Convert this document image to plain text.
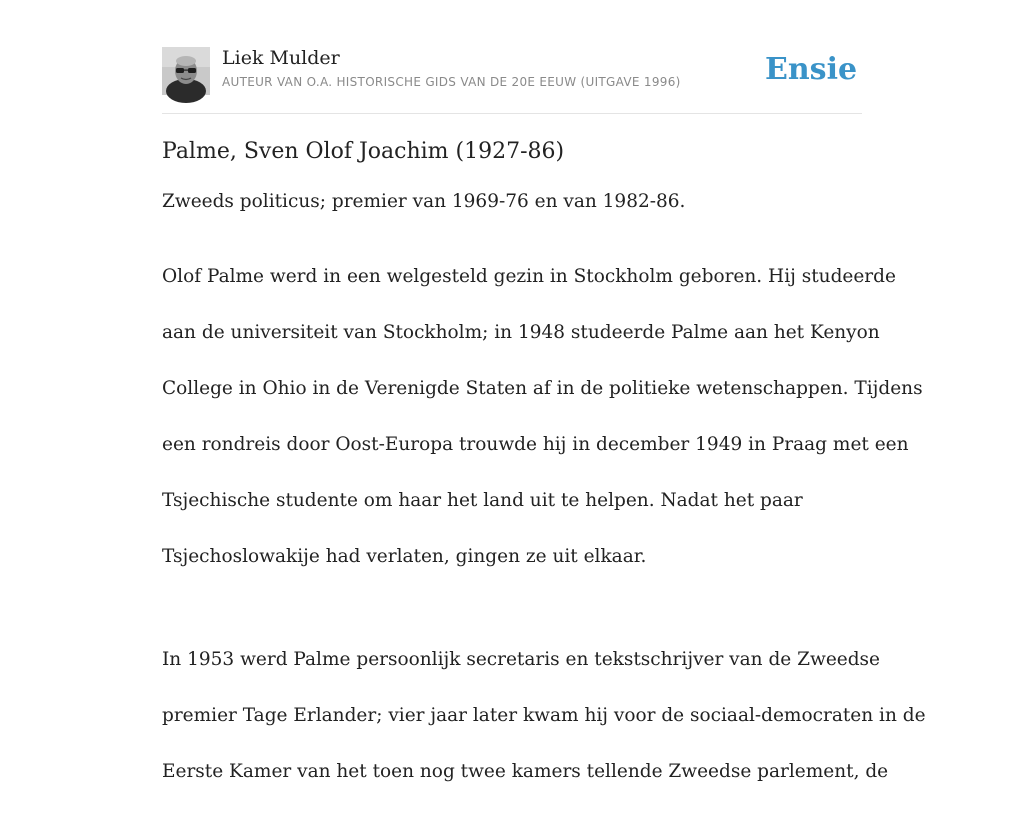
Liek Mulder
AUTEUR VAN O.A. HISTORISCHE GIDS VAN DE 20E EEUW (UITGAVE 1996)	Ensie
Palme, Sven Olof Joachim (1927-86)

Zweeds politicus; premier van 1969-76 en van 1982-86.

Olof Palme werd in een welgesteld gezin in Stockholm geboren. Hij studeerde

aan de universiteit van Stockholm; in 1948 studeerde Palme aan het Kenyon

College in Ohio in de Verenigde Staten af in de politieke wetenschappen. Tijdens

een rondreis door Oost-Europa trouwde hij in december 1949 in Praag met een

Tsjechische studente om haar het land uit te helpen. Nadat het paar

Tsjechoslowakije had verlaten, gingen ze uit elkaar.

In 1953 werd Palme persoonlijk secretaris en tekstschrijver van de Zweedse

premier Tage Erlander; vier jaar later kwam hij voor de sociaal-democraten in de

Eerste Kamer van het toen nog twee kamers tellende Zweedse parlement, de
